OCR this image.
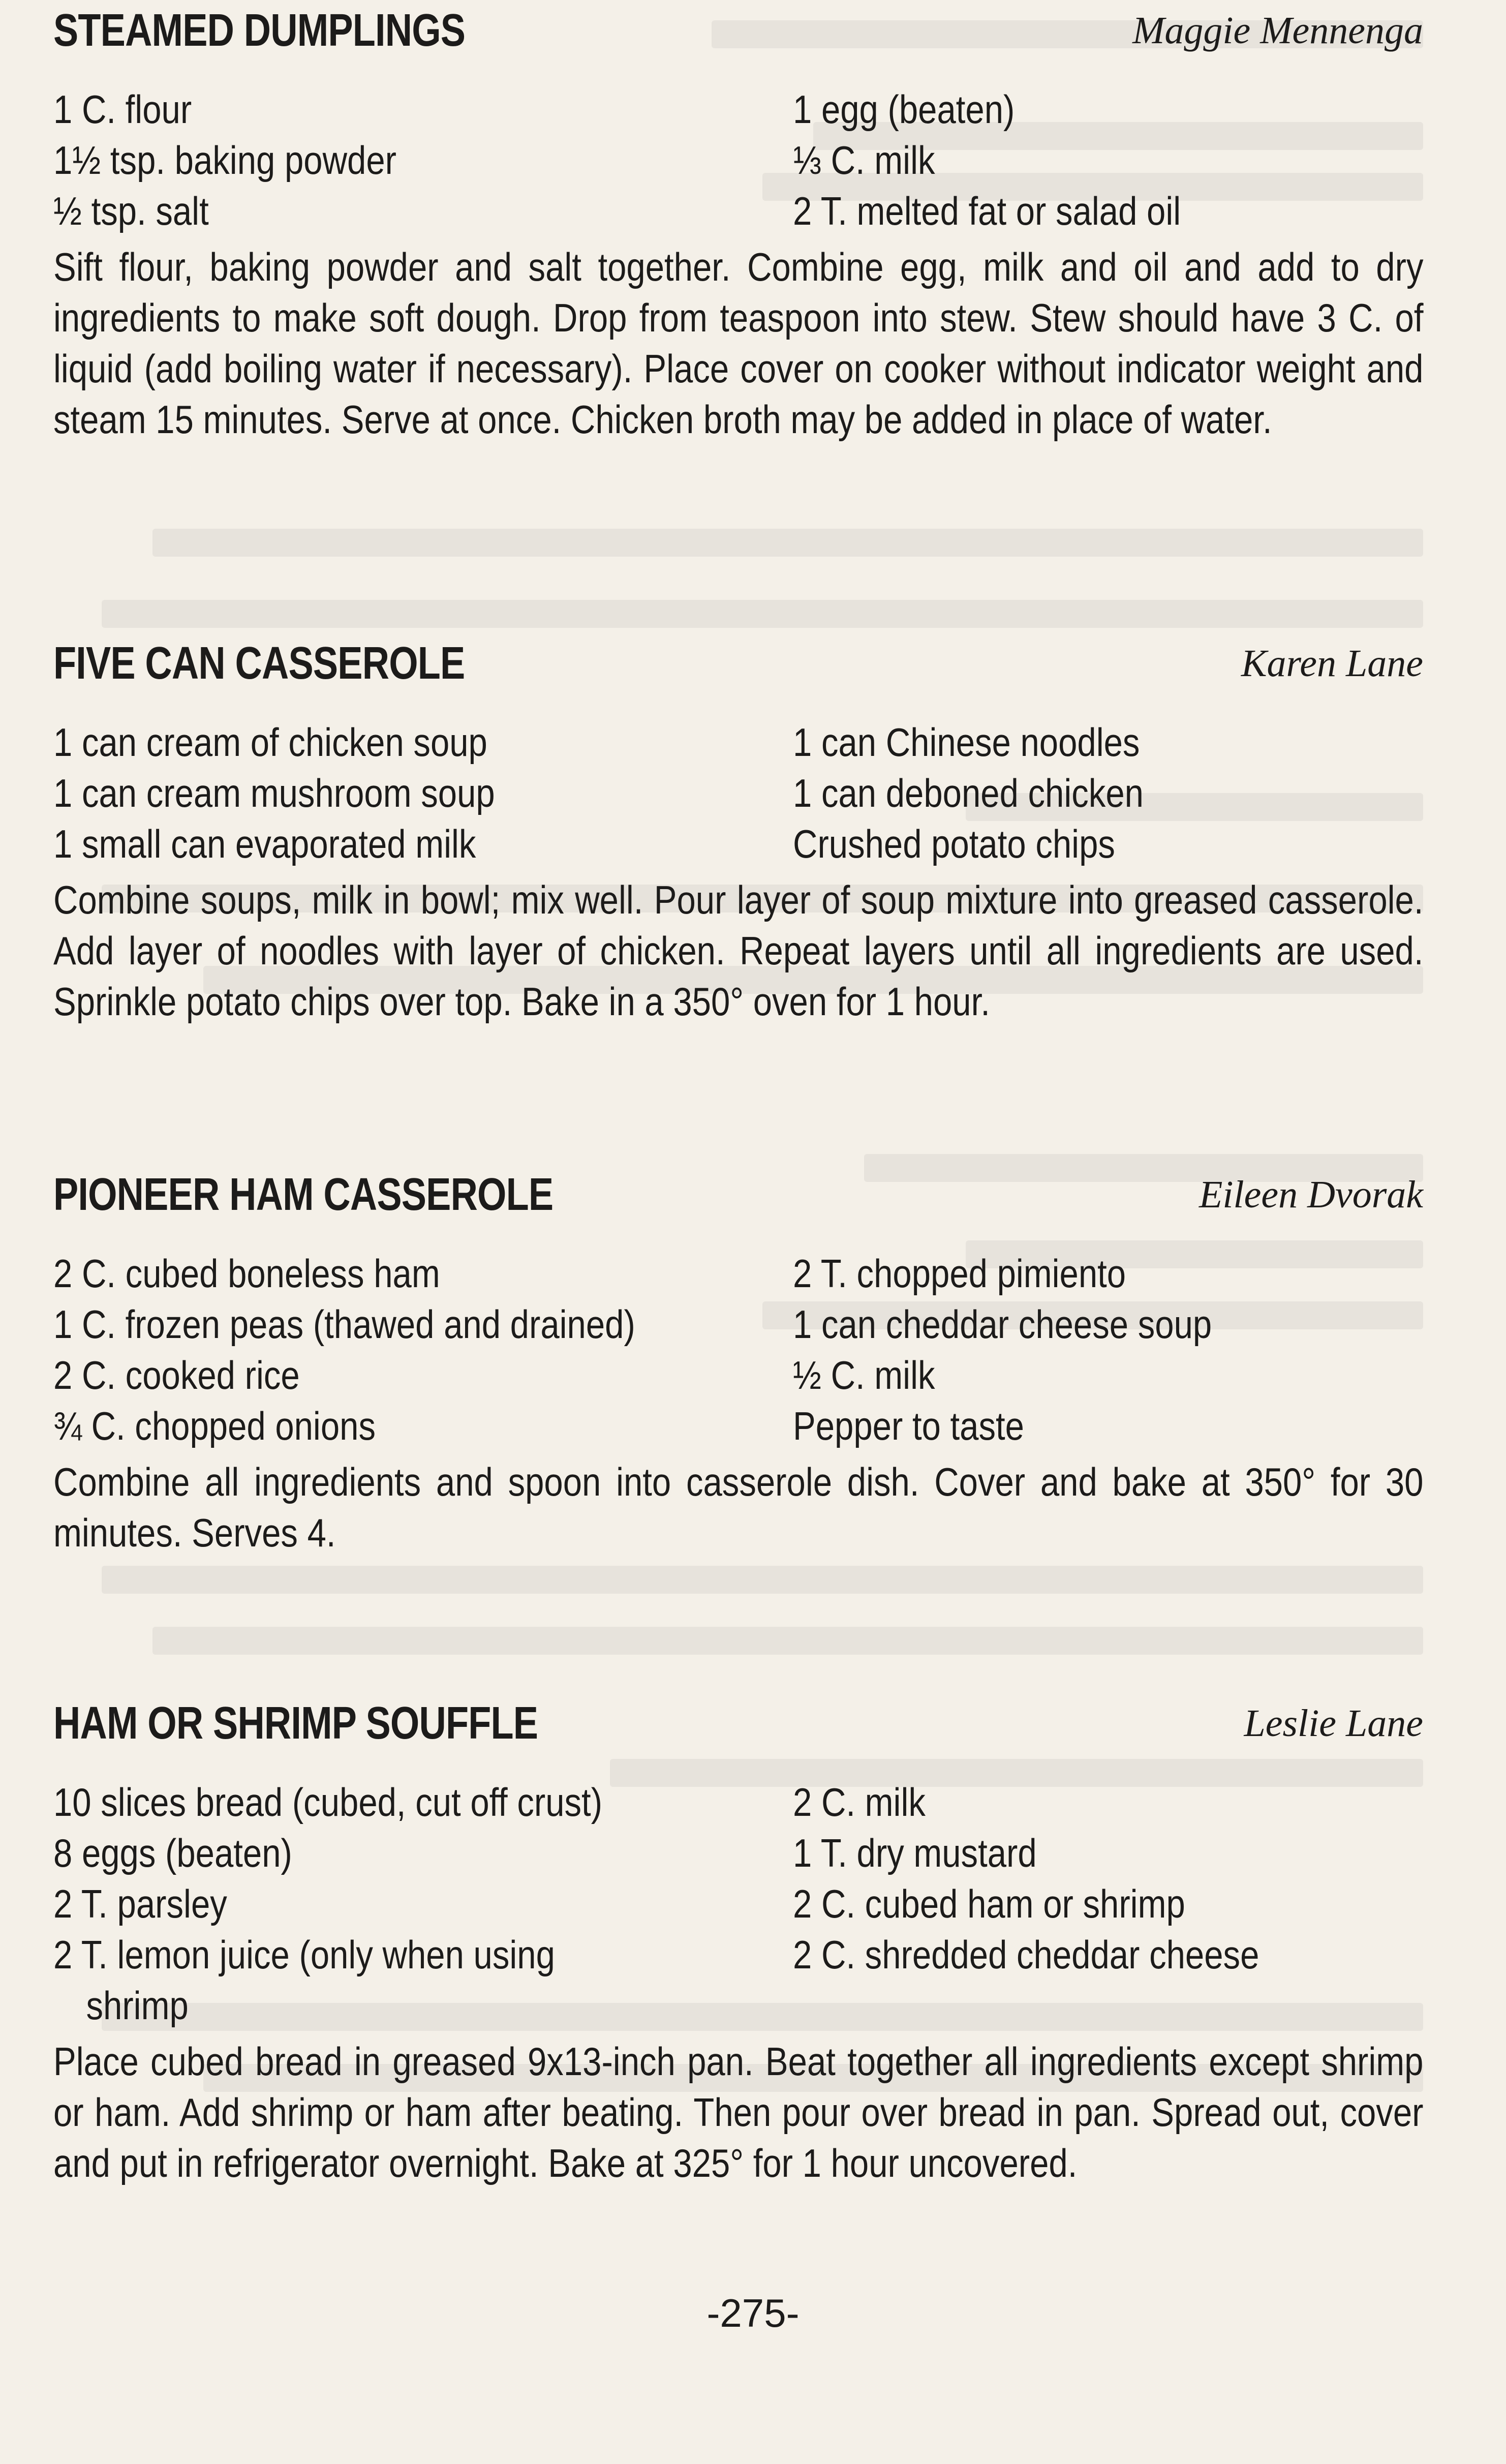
STEAMED DUMPLINGS	Maggie Mennenga
1 C. flour
1½ tsp. baking powder
½ tsp. salt
1 egg (beaten)
⅓ C. milk
2 T. melted fat or salad oil

Sift flour, baking powder and salt together. Combine egg, milk and oil and add to dry ingredients to make soft dough. Drop from teaspoon into stew. Stew should have 3 C. of liquid (add boiling water if necessary). Place cover on cooker without indicator weight and steam 15 minutes. Serve at once. Chicken broth may be added in place of water.

FIVE CAN CASSEROLE	Karen Lane
1 can cream of chicken soup
1 can cream mushroom soup
1 small can evaporated milk
1 can Chinese noodles
1 can deboned chicken
Crushed potato chips

Combine soups, milk in bowl; mix well. Pour layer of soup mixture into greased casserole. Add layer of noodles with layer of chicken. Repeat layers until all ingredients are used. Sprinkle potato chips over top. Bake in a 350° oven for 1 hour.

PIONEER HAM CASSEROLE	Eileen Dvorak
2 C. cubed boneless ham
1 C. frozen peas (thawed and drained)
2 C. cooked rice
¾ C. chopped onions
2 T. chopped pimiento
1 can cheddar cheese soup
½ C. milk
Pepper to taste

Combine all ingredients and spoon into casserole dish. Cover and bake at 350° for 30 minutes. Serves 4.

HAM OR SHRIMP SOUFFLE	Leslie Lane
10 slices bread (cubed, cut off crust)
8 eggs (beaten)
2 T. parsley
2 T. lemon juice (only when using
shrimp
2 C. milk
1 T. dry mustard
2 C. cubed ham or shrimp
2 C. shredded cheddar cheese

Place cubed bread in greased 9x13-inch pan. Beat together all ingredients except shrimp or ham. Add shrimp or ham after beating. Then pour over bread in pan. Spread out, cover and put in refrigerator overnight. Bake at 325° for 1 hour uncovered.

-275-
